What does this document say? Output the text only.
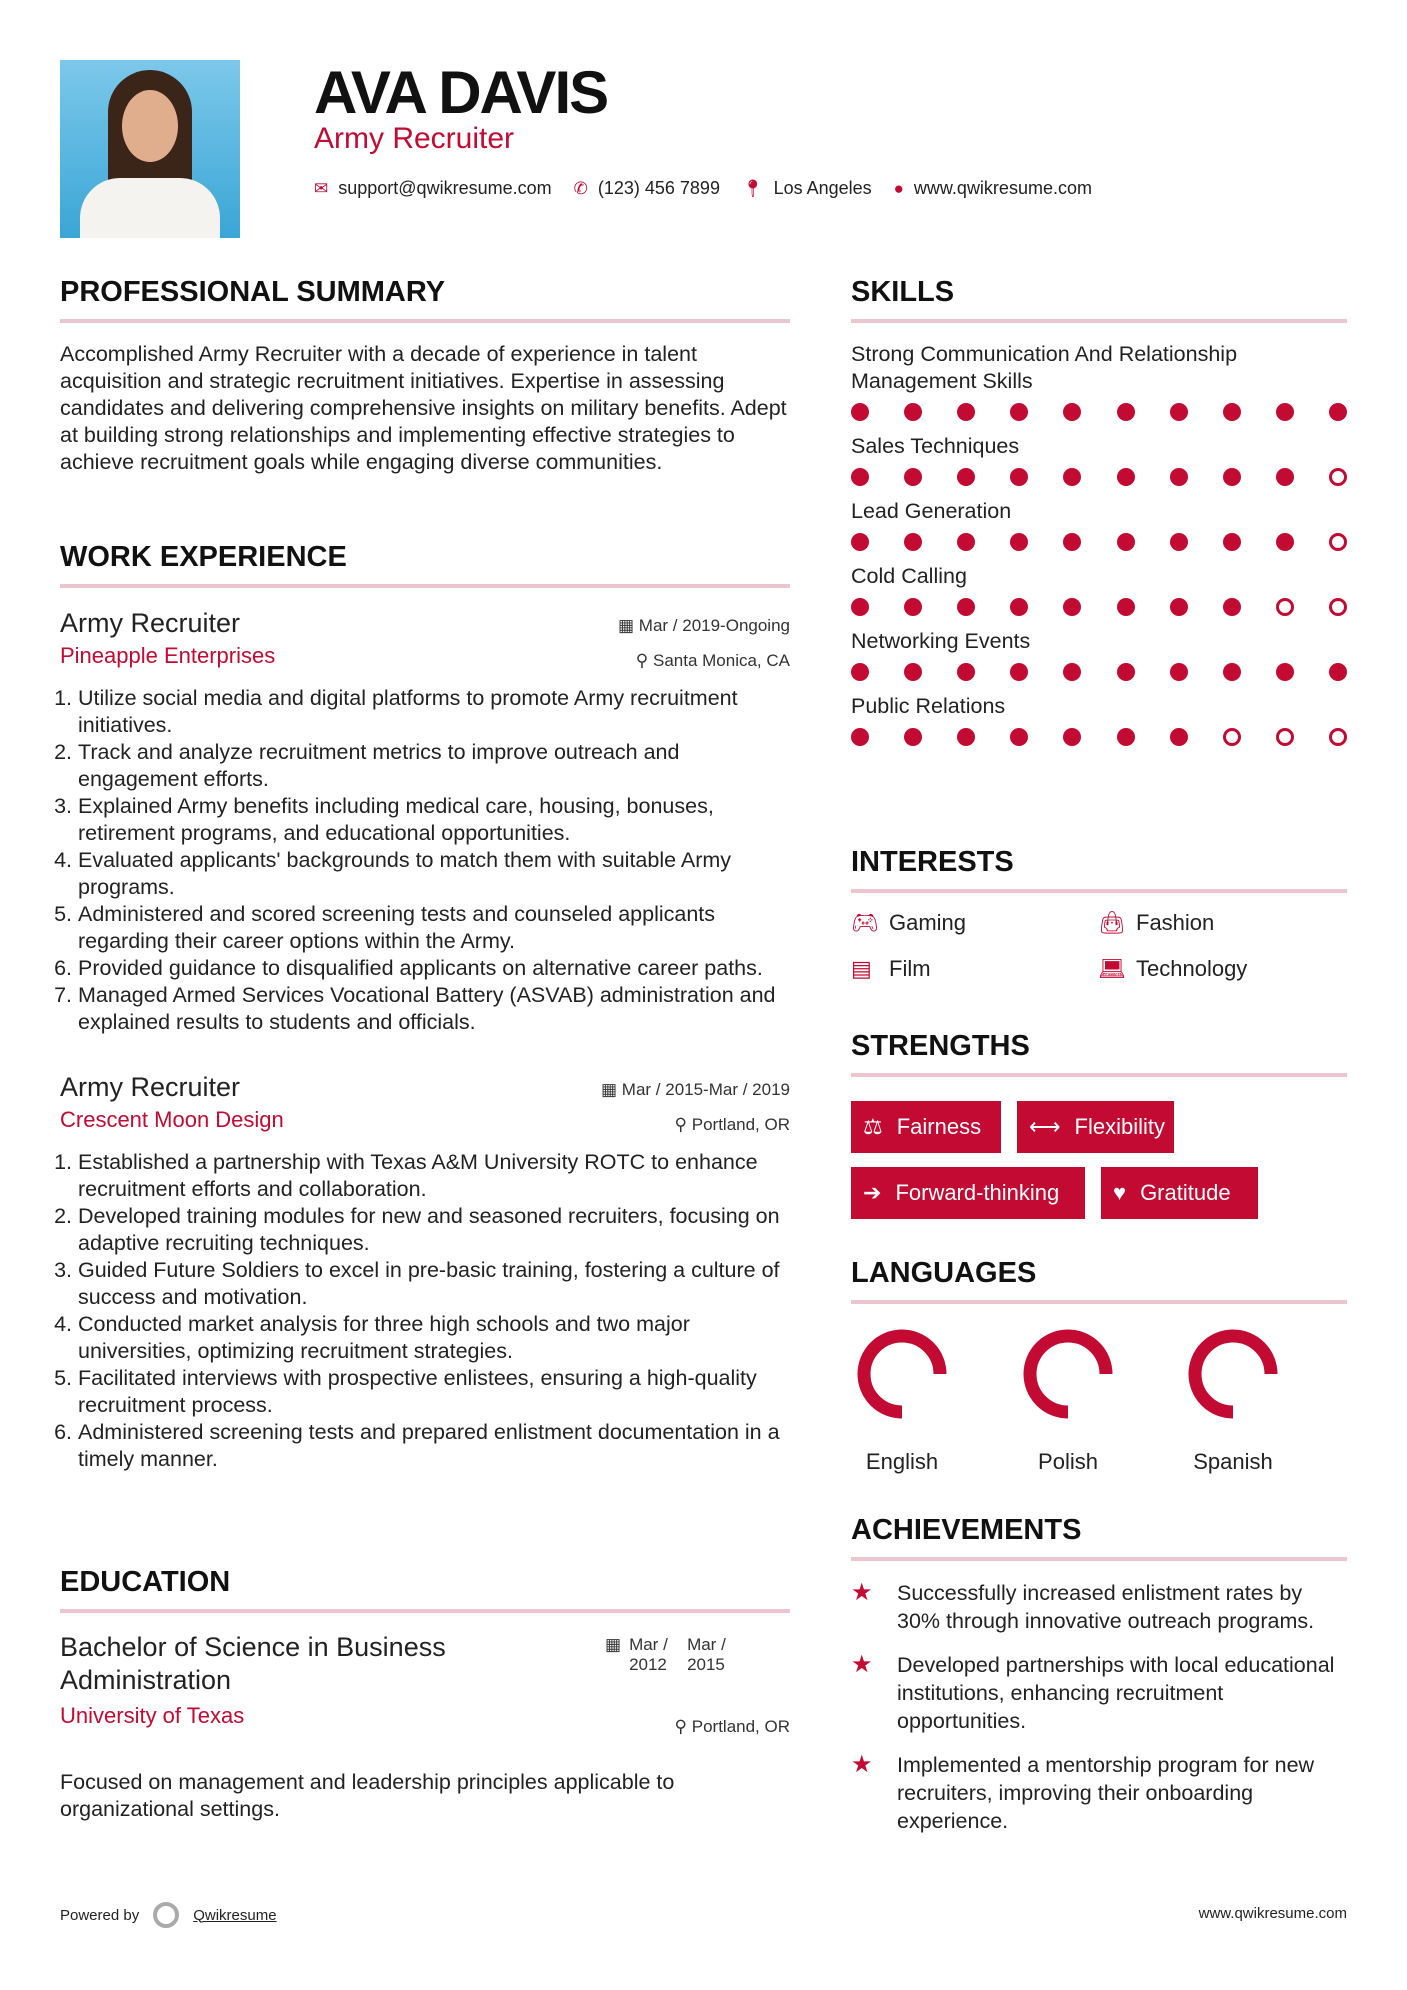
AVA DAVIS
Army Recruiter
✉ support@qwikresume.com ✆ (123) 456 7899 📍︎ Los Angeles ● www.qwikresume.com
PROFESSIONAL SUMMARY

Accomplished Army Recruiter with a decade of experience in talent acquisition and strategic recruitment initiatives. Expertise in assessing candidates and delivering comprehensive insights on military benefits. Adept at building strong relationships and implementing effective strategies to achieve recruitment goals while engaging diverse communities.

WORK EXPERIENCE
Army Recruiter	▦ Mar / 2019-Ongoing
Pineapple Enterprises	⚲ Santa Monica, CA
1. Utilize social media and digital platforms to promote Army recruitment initiatives.
2. Track and analyze recruitment metrics to improve outreach and engagement efforts.
3. Explained Army benefits including medical care, housing, bonuses, retirement programs, and educational opportunities.
4. Evaluated applicants' backgrounds to match them with suitable Army programs.
5. Administered and scored screening tests and counseled applicants regarding their career options within the Army.
6. Provided guidance to disqualified applicants on alternative career paths.
7. Managed Armed Services Vocational Battery (ASVAB) administration and explained results to students and officials.
Army Recruiter	▦ Mar / 2015-Mar / 2019
Crescent Moon Design	⚲ Portland, OR
1. Established a partnership with Texas A&M University ROTC to enhance recruitment efforts and collaboration.
2. Developed training modules for new and seasoned recruiters, focusing on adaptive recruiting techniques.
3. Guided Future Soldiers to excel in pre-basic training, fostering a culture of success and motivation.
4. Conducted market analysis for three high schools and two major universities, optimizing recruitment strategies.
5. Facilitated interviews with prospective enlistees, ensuring a high-quality recruitment process.
6. Administered screening tests and prepared enlistment documentation in a timely manner.
EDUCATION
Bachelor of Science in Business Administration
▦ Mar / 2012
Mar / 2015
University of Texas	⚲ Portland, OR

Focused on management and leadership principles applicable to organizational settings.

SKILLS
Strong Communication And Relationship Management Skills
Sales Techniques
Lead Generation
Cold Calling
Networking Events
Public Relations
INTERESTS
🎮︎ Gaming	👜︎ Fashion
▤ Film	💻︎ Technology
STRENGTHS
⚖ Fairness ⟷ Flexibility
➔ Forward-thinking ♥ Gratitude
LANGUAGES
English	Polish	Spanish
ACHIEVEMENTS
★	Successfully increased enlistment rates by 30% through innovative outreach programs.
★	Developed partnerships with local educational institutions, enhancing recruitment opportunities.
★	Implemented a mentorship program for new recruiters, improving their onboarding experience.
Powered by	Qwikresume	www.qwikresume.com
